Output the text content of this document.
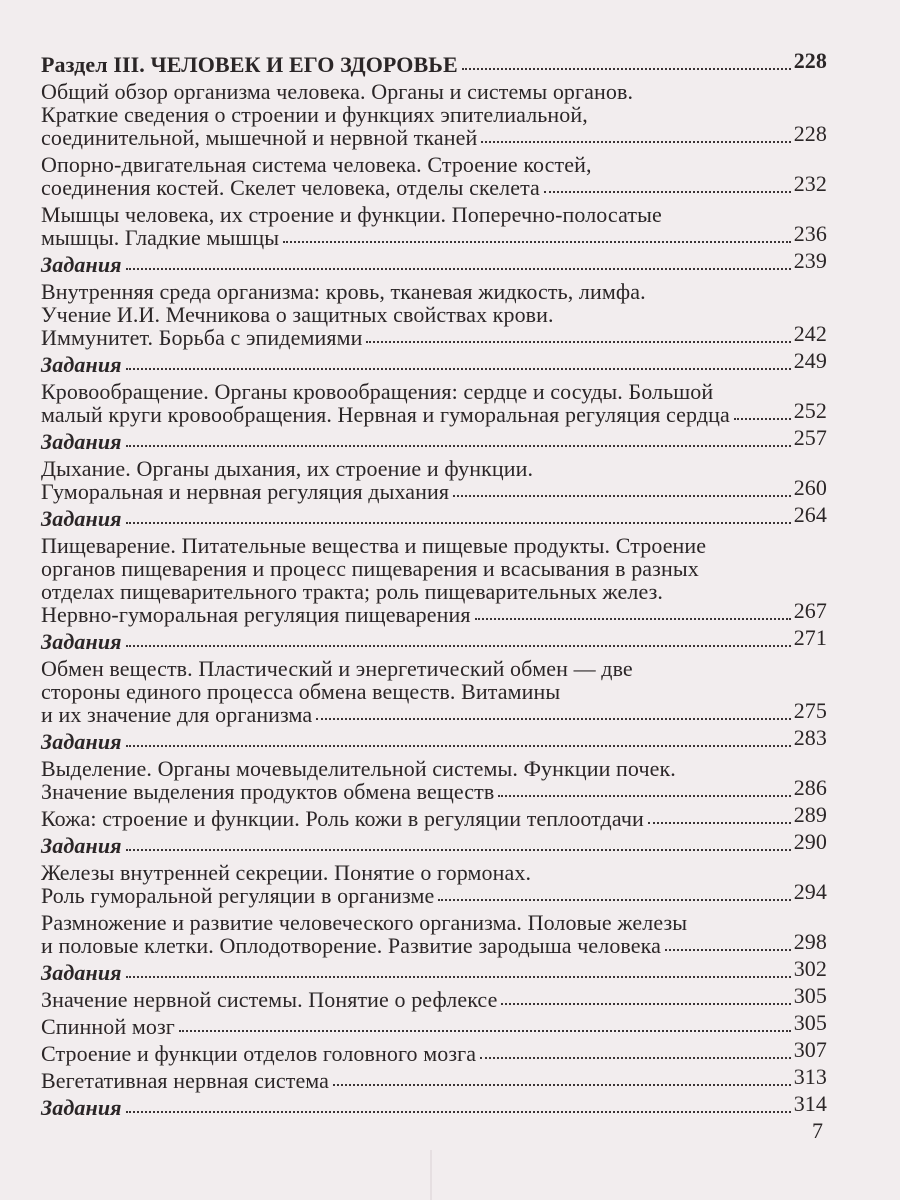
Раздел III. ЧЕЛОВЕК И ЕГО ЗДОРОВЬЕ	228
Общий обзор организма человека. Органы и системы органов.
Краткие сведения о строении и функциях эпителиальной,
соединительной, мышечной и нервной тканей	228
Опорно-двигательная система человека. Строение костей,
соединения костей. Скелет человека, отделы скелета	232
Мышцы человека, их строение и функции. Поперечно-полосатые
мышцы. Гладкие мышцы	236
Задания	239
Внутренняя среда организма: кровь, тканевая жидкость, лимфа.
Учение И.И. Мечникова о защитных свойствах крови.
Иммунитет. Борьба с эпидемиями	242
Задания	249
Кровообращение. Органы кровообращения: сердце и сосуды. Большой
малый круги кровообращения. Нервная и гуморальная регуляция сердца	252
Задания	257
Дыхание. Органы дыхания, их строение и функции.
Гуморальная и нервная регуляция дыхания	260
Задания	264
Пищеварение. Питательные вещества и пищевые продукты. Строение
органов пищеварения и процесс пищеварения и всасывания в разных
отделах пищеварительного тракта; роль пищеварительных желез.
Нервно-гуморальная регуляция пищеварения	267
Задания	271
Обмен веществ. Пластический и энергетический обмен — две
стороны единого процесса обмена веществ. Витамины
и их значение для организма	275
Задания	283
Выделение. Органы мочевыделительной системы. Функции почек.
Значение выделения продуктов обмена веществ	286
Кожа: строение и функции. Роль кожи в регуляции теплоотдачи	289
Задания	290
Железы внутренней секреции. Понятие о гормонах.
Роль гуморальной регуляции в организме	294
Размножение и развитие человеческого организма. Половые железы
и половые клетки. Оплодотворение. Развитие зародыша человека	298
Задания	302
Значение нервной системы. Понятие о рефлексе	305
Спинной мозг	305
Строение и функции отделов головного мозга	307
Вегетативная нервная система	313
Задания	314
7
